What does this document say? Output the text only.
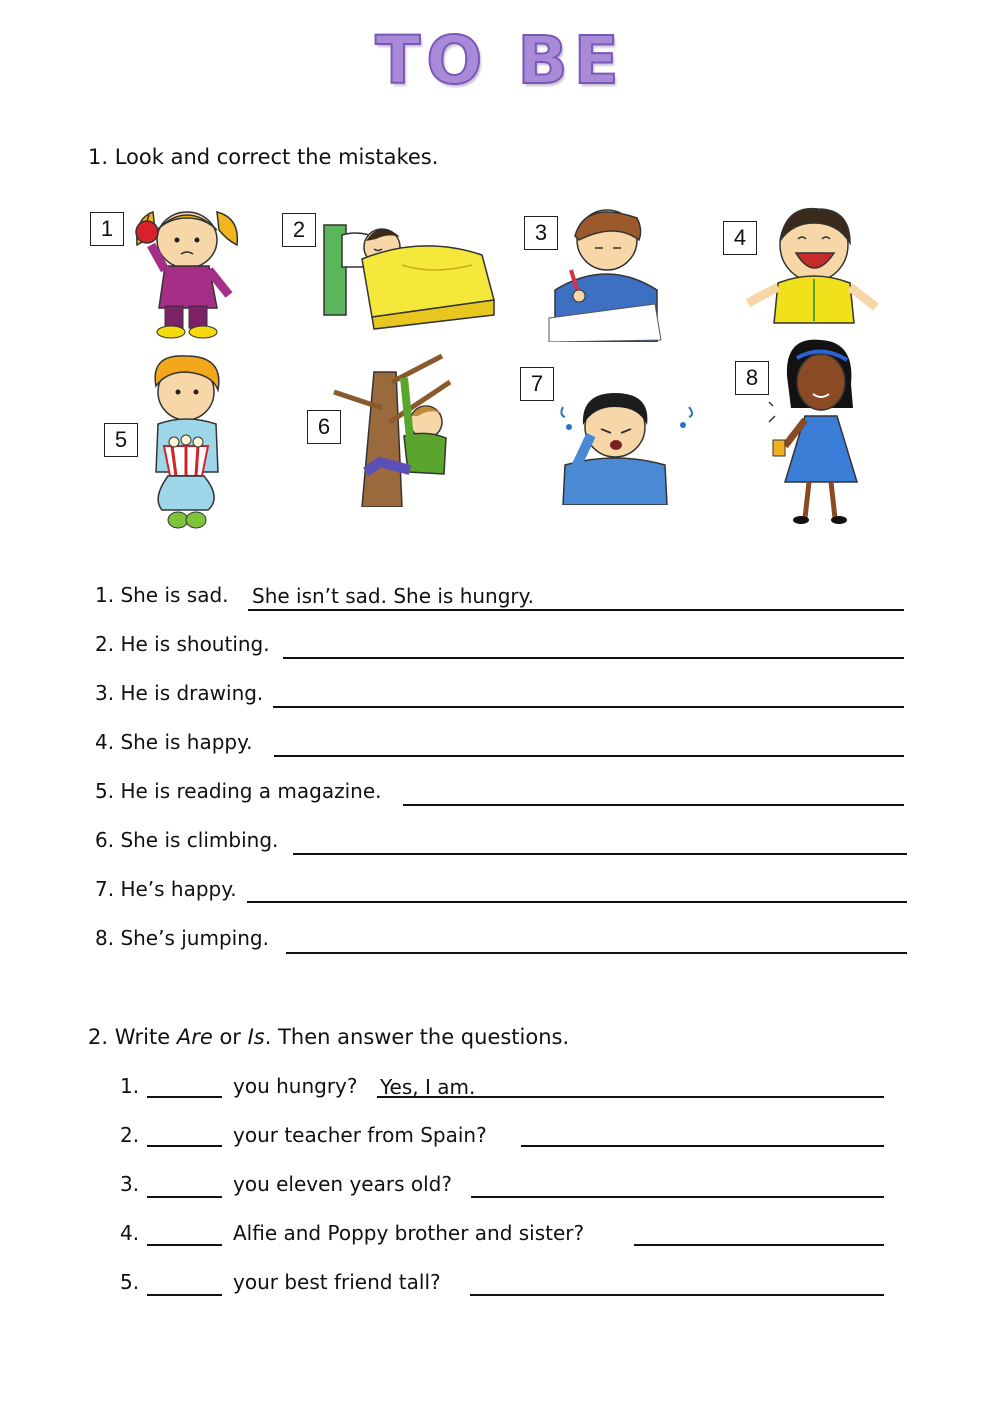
TO BE
1. Look and correct the mistakes.
1	2	3	4
5
6
7	8
1. She is sad. She isn’t sad. She is hungry.
2. He is shouting.
3. He is drawing.
4. She is happy.
5. He is reading a magazine.
6. She is climbing.
7. He’s happy.
8. She’s jumping.
2. Write Are or Is. Then answer the questions.
1.	you hungry? Yes, I am.
2.	your teacher from Spain?
3.	you eleven years old?
4.	Alfie and Poppy brother and sister?
5.	your best friend tall?
